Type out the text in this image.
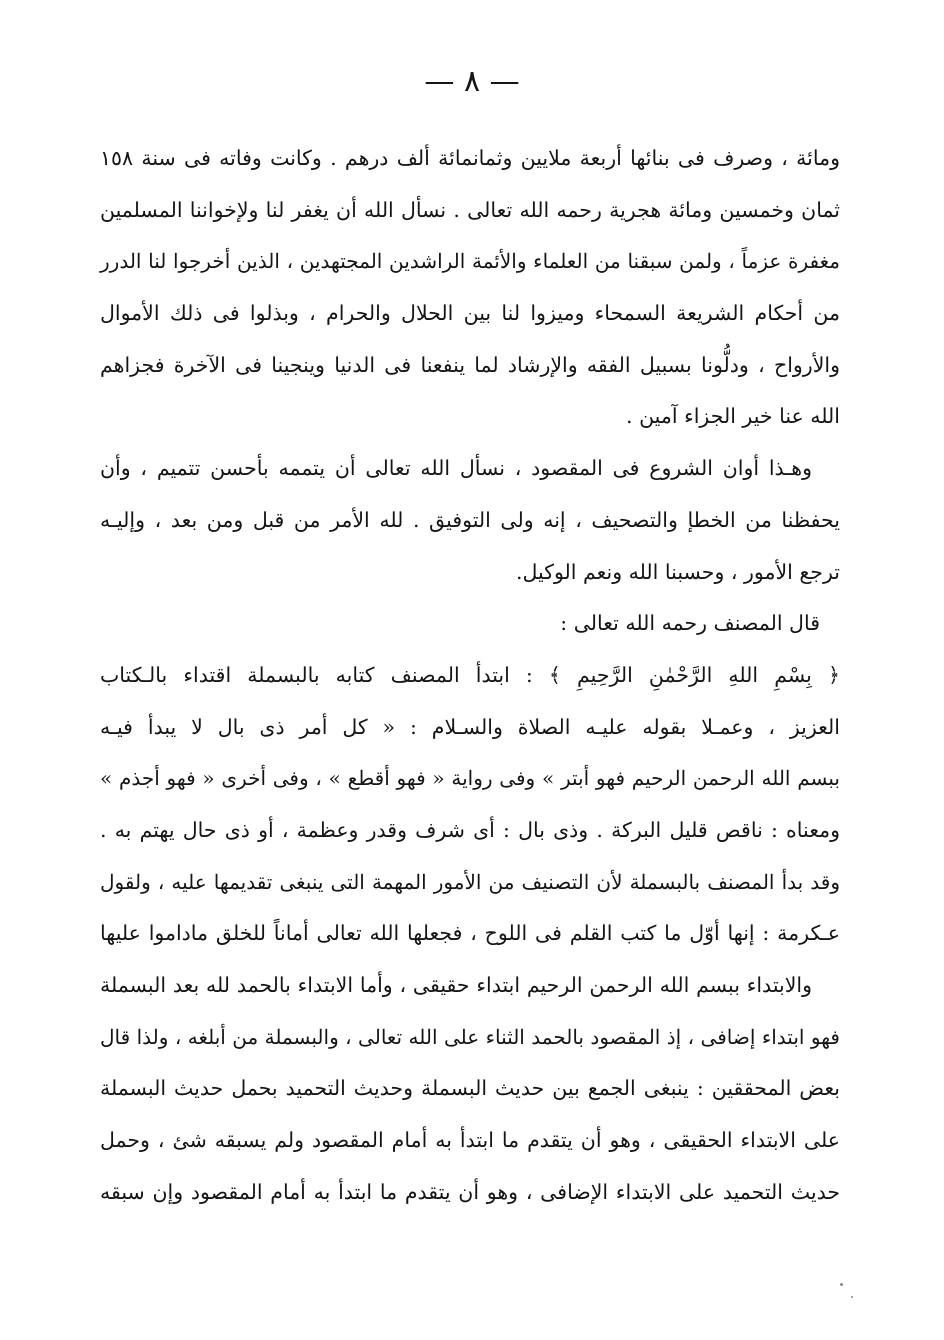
— ٨ —
ومائة ، وصرف فى بنائها أربعة ملايين وثمانمائة ألف درهم . وكانت وفاته فى سنة ١٥٨
ثمان وخمسين ومائة هجرية رحمه الله تعالى . نسأل الله أن يغفر لنا ولإخواننا المسلمين
مغفرة عزماً ، ولمن سبقنا من العلماء والأئمة الراشدين المجتهدين ، الذين أخرجوا لنا الدرر
من أحكام الشريعة السمحاء وميزوا لنا بين الحلال والحرام ، وبذلوا فى ذلك الأموال
والأرواح ، ودلُّونا بسبيل الفقه والإرشاد لما ينفعنا فى الدنيا وينجينا فى الآخرة فجزاهم
الله عنا خير الجزاء آمين .
وهـذا أوان الشروع فى المقصود ، نسأل الله تعالى أن يتممه بأحسن تتميم ، وأن
يحفظنا من الخطإ والتصحيف ، إنه ولى التوفيق . لله الأمر من قبل ومن بعد ، وإليـه
ترجع الأمور ، وحسبنا الله ونعم الوكيل.
قال المصنف رحمه الله تعالى :
﴿ بِسْمِ اللهِ الرَّحْمٰنِ الرَّحِيمِ ﴾ : ابتدأ المصنف كتابه بالبسملة اقتداء بالـكتاب
العزيز ، وعمـلا بقوله عليـه الصلاة والسـلام : « كل أمر ذى بال لا يبدأ فيـه
ببسم الله الرحمن الرحيم فهو أبتر » وفى رواية « فهو أقطع » ، وفى أخرى « فهو أجذم »
ومعناه : ناقص قليل البركة . وذى بال : أى شرف وقدر وعظمة ، أو ذى حال يهتم به .
وقد بدأ المصنف بالبسملة لأن التصنيف من الأمور المهمة التى ينبغى تقديمها عليه ، ولقول
عـكرمة : إنها أوّل ما كتب القلم فى اللوح ، فجعلها الله تعالى أماناً للخلق ماداموا عليها
والابتداء ببسم الله الرحمن الرحيم ابتداء حقيقى ، وأما الابتداء بالحمد لله بعد البسملة
فهو ابتداء إضافى ، إذ المقصود بالحمد الثناء على الله تعالى ، والبسملة من أبلغه ، ولذا قال
بعض المحققين : ينبغى الجمع بين حديث البسملة وحديث التحميد بحمل حديث البسملة
على الابتداء الحقيقى ، وهو أن يتقدم ما ابتدأ به أمام المقصود ولم يسبقه شئ ، وحمل
حديث التحميد على الابتداء الإضافى ، وهو أن يتقدم ما ابتدأ به أمام المقصود وإن سبقه
